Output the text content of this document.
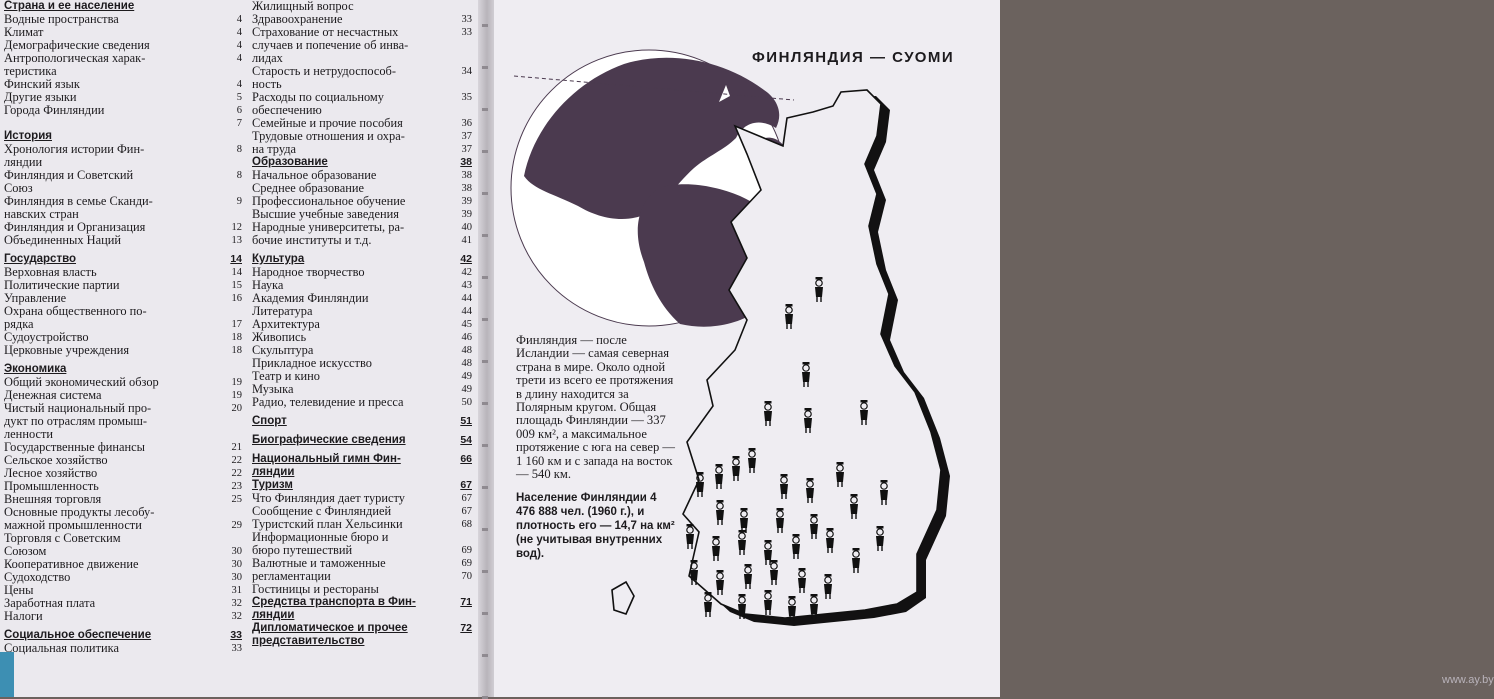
Страна и ее население
Водные пространства	4
Климат	4
Демографические сведения	4
Антропологическая харак-	4
теристика
Финский язык	4
Другие языки	5
Города Финляндии	6
7
История
Хронология истории Фин-	8
ляндии
Финляндия и Советский	8
Союз
Финляндия в семье Сканди-	9
навских стран
Финляндия и Организация	12
Объединенных Наций	13
Государство	14
Верховная власть	14
Политические партии	15
Управление	16
Охрана общественного по-
рядка	17
Судоустройство	18
Церковные учреждения	18
Экономика
Общий экономический обзор	19
Денежная система	19
Чистый национальный про-	20
дукт по отраслям промыш-
ленности
Государственные финансы	21
Сельское хозяйство	22
Лесное хозяйство	22
Промышленность	23
Внешняя торговля	25
Основные продукты лесобу-
мажной промышленности	29
Торговля с Советским
Союзом	30
Кооперативное движение	30
Судоходство	30
Цены	31
Заработная плата	32
Налоги	32
Социальное обеспечение	33
Социальная политика	33
Жилищный вопрос
Здравоохранение	33
Страхование от несчастных	33
случаев и попечение об инва-
лидах
Старость и нетрудоспособ-	34
ность
Расходы по социальному	35
обеспечению
Семейные и прочие пособия	36
Трудовые отношения и охра-	37
на труда	37
Образование	38
Начальное образование	38
Среднее образование	38
Профессиональное обучение	39
Высшие учебные заведения	39
Народные университеты, ра-	40
бочие институты и т.д.	41
Культура	42
Народное творчество	42
Наука	43
Академия Финляндии	44
Литература	44
Архитектура	45
Живопись	46
Скульптура	48
Прикладное искусство	48
Театр и кино	49
Музыка	49
Радио, телевидение и пресса	50
Спорт	51
Биографические сведения	54
Национальный гимн Фин-	66
ляндии
Туризм	67
Что Финляндия дает туристу	67
Сообщение с Финляндией	67
Туристский план Хельсинки	68
Информационные бюро и
бюро путешествий	69
Валютные и таможенные	69
регламентации	70
Гостиницы и рестораны
Средства транспорта в Фин-	71
ляндии
Дипломатическое и прочее	72
представительство
ФИНЛЯНДИЯ — СУОМИ

Финляндия — после Исландии — самая северная страна в мире. Около одной трети из всего ее протяжения в длину находится за Полярным кругом. Общая площадь Финляндии — 337 009 км², а максимальное протяжение с юга на север — 1 160 км и с запада на восток — 540 км.

Население Финляндии 4 476 888 чел. (1960 г.), и плотность его — 14,7 на км² (не учитывая внутренних вод).

www.ay.by
